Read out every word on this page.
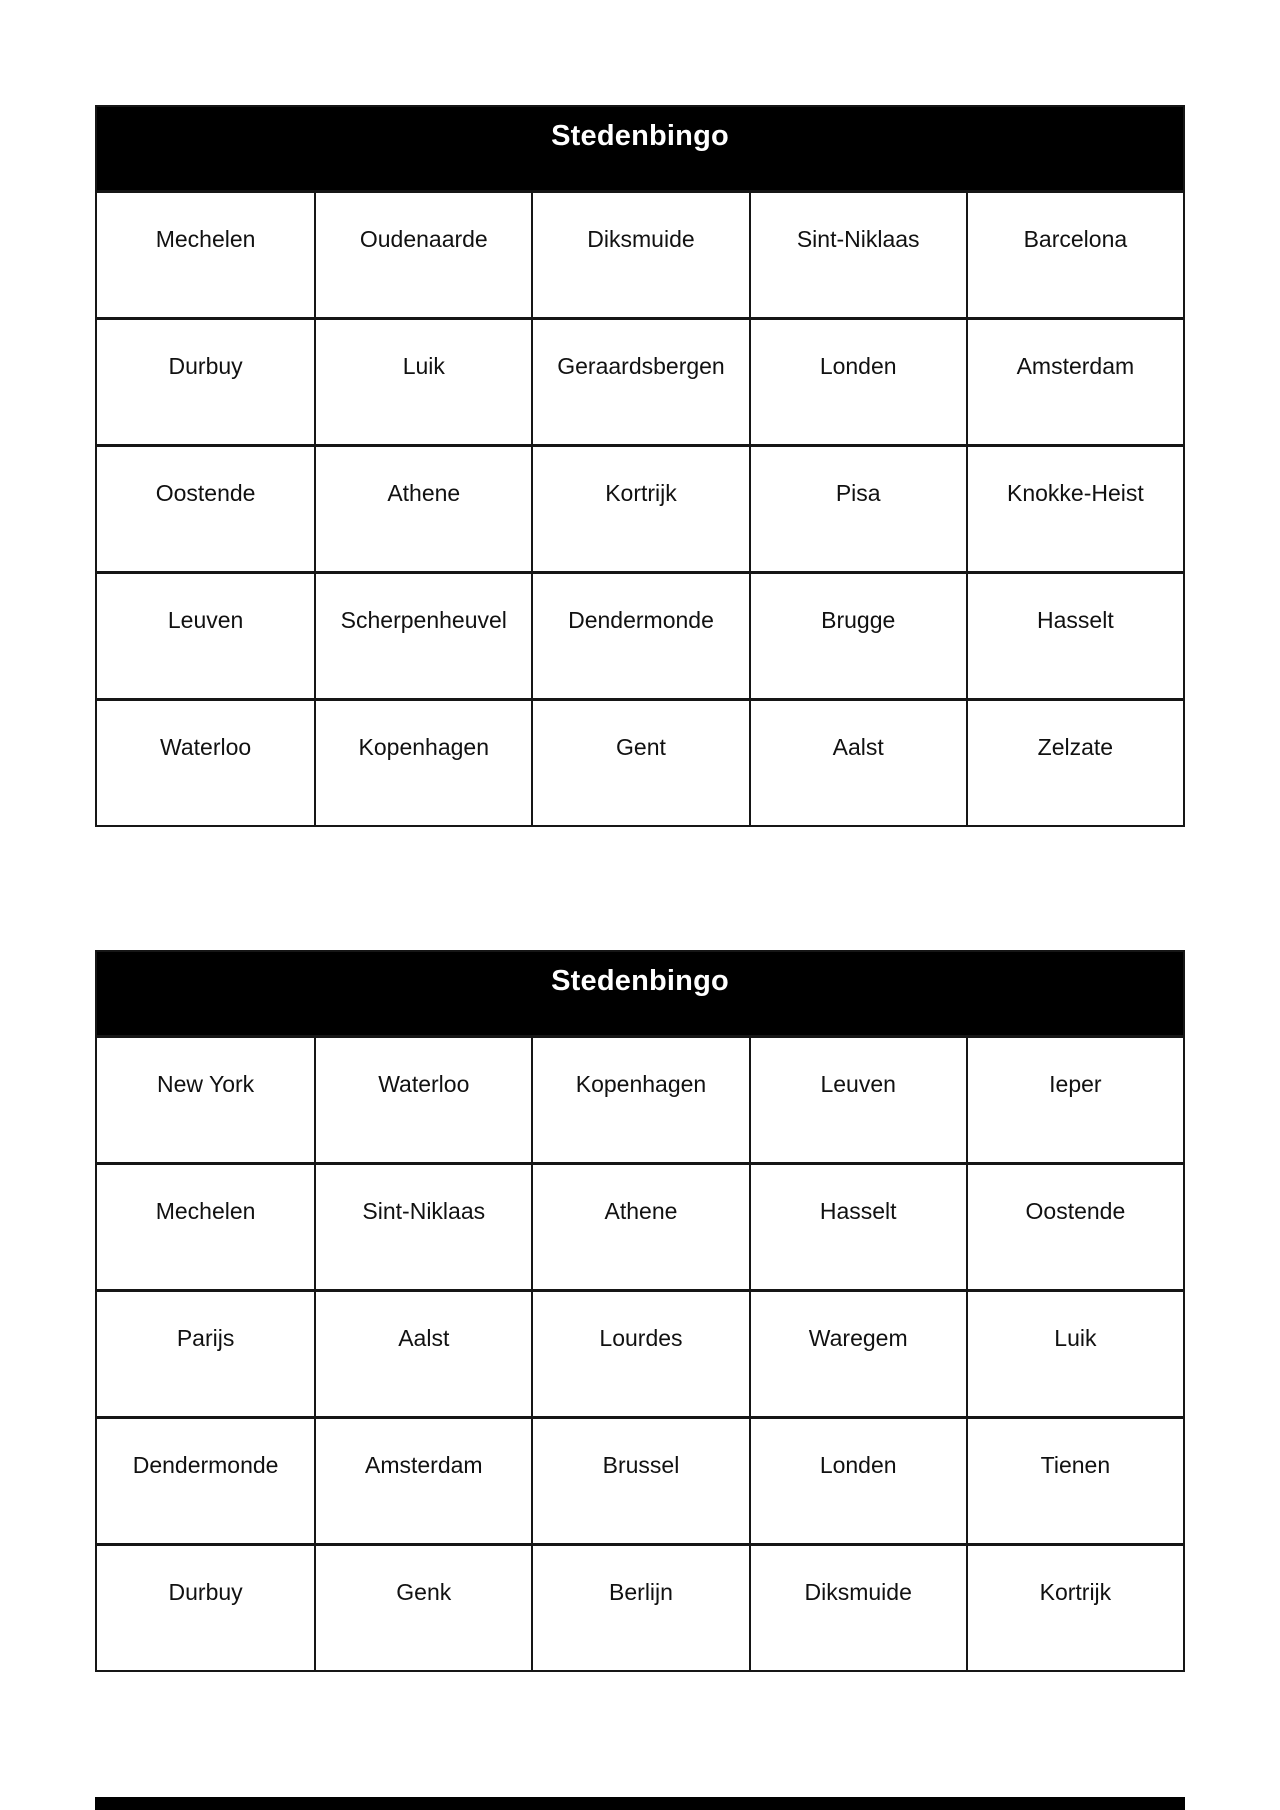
Stedenbingo
Mechelen	Oudenaarde	Diksmuide	Sint-Niklaas	Barcelona
Durbuy	Luik	Geraardsbergen	Londen	Amsterdam
Oostende	Athene	Kortrijk	Pisa	Knokke-Heist
Leuven	Scherpenheuvel	Dendermonde	Brugge	Hasselt
Waterloo	Kopenhagen	Gent	Aalst	Zelzate
Stedenbingo
New York	Waterloo	Kopenhagen	Leuven	Ieper
Mechelen	Sint-Niklaas	Athene	Hasselt	Oostende
Parijs	Aalst	Lourdes	Waregem	Luik
Dendermonde	Amsterdam	Brussel	Londen	Tienen
Durbuy	Genk	Berlijn	Diksmuide	Kortrijk
